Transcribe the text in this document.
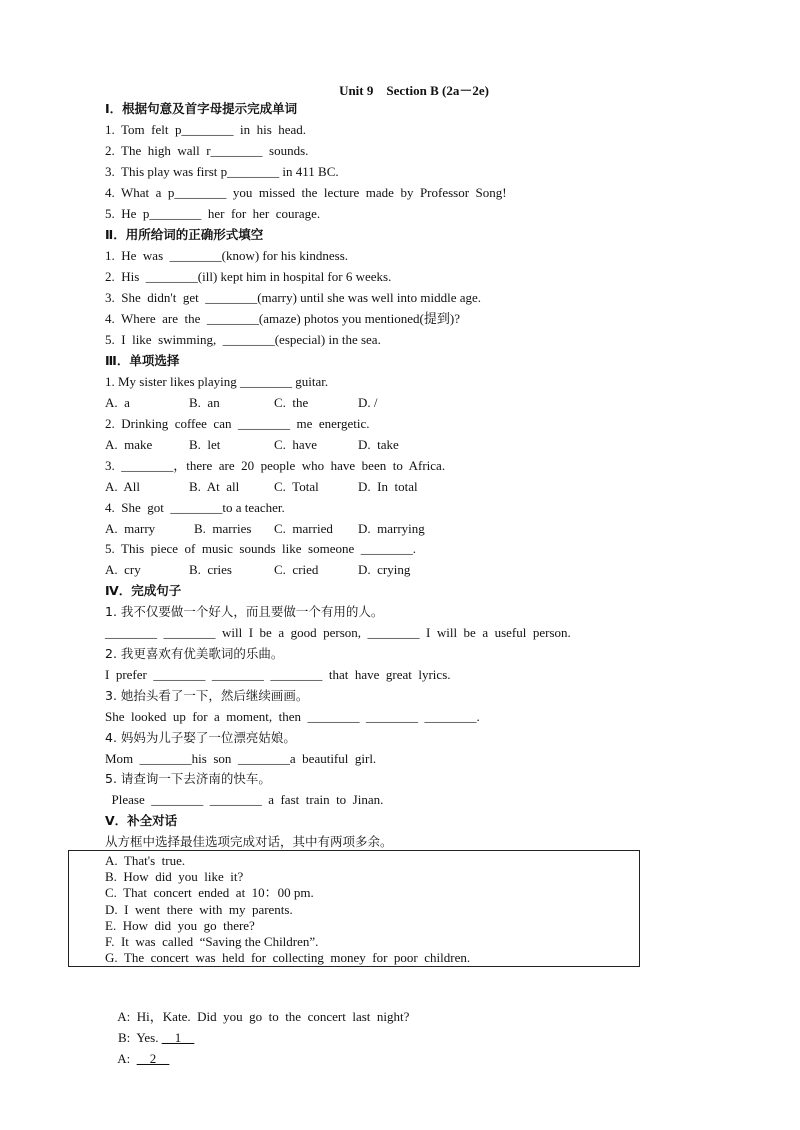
Unit 9　Section B (2a－2e)
Ⅰ．根据句意及首字母提示完成单词
1.  Tom  felt  p________  in  his  head.
2.  The  high  wall  r________  sounds.
3.  This play was first p________ in 411 BC.
4.  What  a  p________  you  missed  the  lecture  made  by  Professor  Song!
5.  He  p________  her  for  her  courage.
Ⅱ．用所给词的正确形式填空
1.  He  was  ________(know) for his kindness.
2.  His  ________(ill) kept him in hospital for 6 weeks.
3.  She  didn't  get  ________(marry) until she was well into middle age.
4.  Where  are  the  ________(amaze) photos you mentioned(提到)?
5.  I  like  swimming,  ________(especial) in the sea.
Ⅲ．单项选择
1. My sister likes playing ________ guitar.
A.  a	B.  an	C.  the	D. /
2.  Drinking  coffee  can  ________  me  energetic.
A.  make	B.  let	C.  have	D.  take
3.  ________，there  are  20  people  who  have  been  to  Africa.
A.  All	B.  At  all	C.  Total	D.  In  total
4.  She  got  ________to a teacher.
A.  marry	B.  marries C.  married D.  marrying
5.  This  piece  of  music  sounds  like  someone  ________.
A.  cry	B.  cries	C.  cried	D.  crying
Ⅳ．完成句子
1. 我不仅要做一个好人，而且要做一个有用的人。
________  ________  will  I  be  a  good  person,  ________  I  will  be  a  useful  person.
2. 我更喜欢有优美歌词的乐曲。
I  prefer  ________  ________  ________  that  have  great  lyrics.
3. 她抬头看了一下，然后继续画画。
She  looked  up  for  a  moment,  then  ________  ________  ________.
4. 妈妈为儿子娶了一位漂亮姑娘。
Mom  ________his  son  ________a  beautiful  girl.
5. 请查询一下去济南的快车。
Please  ________  ________  a  fast  train  to  Jinan.
Ⅴ．补全对话
从方框中选择最佳选项完成对话，其中有两项多余。
A.  That's  true.
B.  How  did  you  like  it?
C.  That  concert  ended  at  10：00 pm.
D.  I  went  there  with  my  parents.
E.  How  did  you  go  there?
F.  It  was  called  “Saving the Children”.
G.  The  concert  was  held  for  collecting  money  for  poor  children.

A: Hi，Kate.  Did  you  go  to  the  concert  last  night?

B: Yes. __1__

A: __2__
